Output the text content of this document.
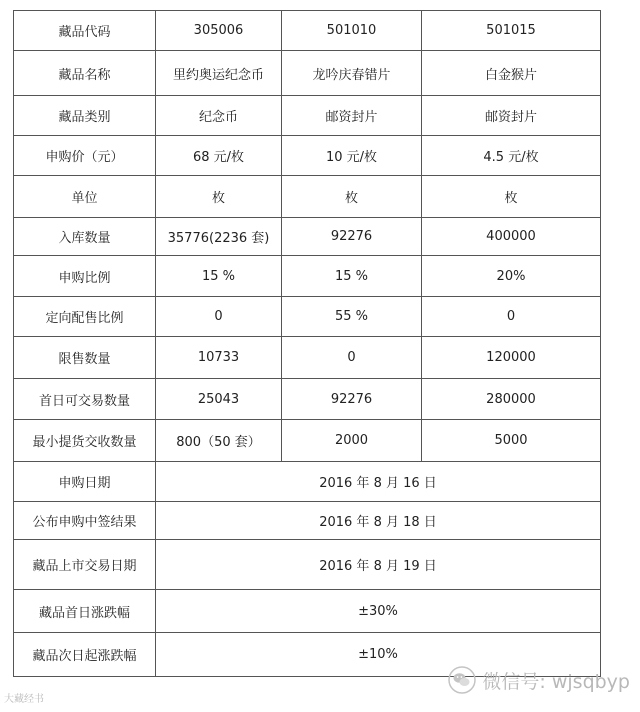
藏品代码	305006	501010	501015
藏品名称	里约奥运纪念币	龙吟庆春错片	白金猴片
藏品类别	纪念币	邮资封片	邮资封片
申购价（元）	68 元/枚	10 元/枚	4.5 元/枚
单位	枚	枚	枚
入库数量	35776(2236 套)	92276	400000
申购比例	15 %	15 %	20%
定向配售比例	0	55 %	0
限售数量	10733	0	120000
首日可交易数量	25043	92276	280000
最小提货交收数量	800（50 套）	2000	5000
申购日期	2016 年 8 月 16 日		
公布申购中签结果	2016 年 8 月 18 日		
藏品上市交易日期	2016 年 8 月 19 日		
藏品首日涨跌幅	±30%		
藏品次日起涨跌幅	±10%		
大藏经书
微信号: wjsqbyp
